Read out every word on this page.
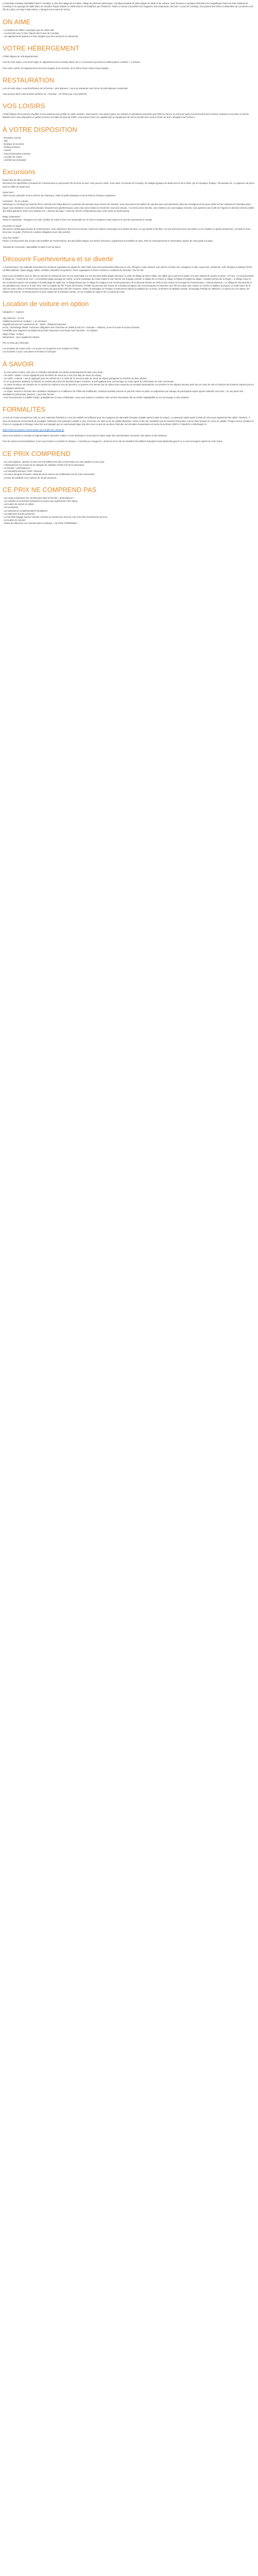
La Bruandia Corralejo Nahellebet situé à Corralejo, à 1km de la plage de la Goleta. Village de pêcheurs pittoresque, Corralejo possède de jolies plages de sable et de volcans. Vous trouverez à quelques kilomètres les magnifiques dunes du Parc National de Corralejo et un paysage de sable blanc de Grandes Playas classée en 2009 réserve de biosphère par l'UNESCO. Située en bouse à proximité des magasins, des restaurants, des bars. Le port de Corralejo, d'où partent des ferries à destination de Lanzarote et de l'île de Lobos, est situé à 800 mètres. L'aéroport est à moins de 40 km.

ON AIME
- La situation de l'hôtel, à quelques pas du centre-ville
- La proximité avec le Parc Naturel des Dunes de Corralejo
- Les appartements spacieux et bien équipés pour des vacances en autonomie
VOTRE HÉBERGEMENT

L'hôtel dispose de 109 appartements.

Lors de votre séjour, vous serez logés en appartement avec terrasse (60m²) de 2 à 4 personnes pouvant accueillir jusqu'à 2 adultes + 2 enfants.

Pour votre confort, les appartements sont tous équipés d'une terrasse, de la Wifi et d'une cuisine toute équipée.

RESTAURATION

Lors de votre séjour, vous bénéficierez de la formule « petit déjeuner » servi au restaurant sous forme de petit-déjeuner continental.

Vous pourrez dîner votre boisson préférée au « Pool Bar » de l'hôtel pour vous rafraîchir.

VOS LOISIRS

L'hôtel dispose d'une piscine chauffée et d'un solarium pour profiter du soleil canarien. Vous pourrez vous diverir grâce aux activités et animations proposées par l'hôtel ou lancer un vélo pour partir à la découverte des environs. Reposez-vous dans un des lits balinais mis à votre disposition et gardez la forme à la salle de sport de l'hôtel. Vous pouvez louer (en supplément) un équipement de surf et prendre des cours à l'école de Surf « Mosquito Surf School ».

À VOTRE DISPOSITION
- Réception 24/24h
- Wifi
- Boutique de souvenir
- Parking extérieur
- Laverie
- Point d'information tourisme
- Location de voiture
- Lit bébé (sur demande)
Excursions

Grand Tour de l'île (1 journée) :
Découvrez les spécificités et beautés de Fuerteventura en parcourant l'île du Nord au Sud. Vous pourrez visiter, entre autre, les Dunes de Corralejo, les villages typiques de Betancuria et de la Oliva, par la montagne Tindaya, Tiscamanita etc. Le déjeuner est prévu dans la vallée de Santa Inès.

Oasis Parc* :
Visite du parc animalier et de la réserve de chameaux. Visite du jardin botanique et de la réserve d'oiseaux migrateurs.

Lanzarote* : île de volcans
Embarquez à Corralejo (au Nord de l'île) en direction de Playa Blanca à Lanzarote (la traversée dure environ 30 minutes). Vous découvrirez les salines de Janubio puis vous pénétrerez dans les montagnes de feu pour visiter le Parc national de Timanfaya dans lequel vous assisterez à une démonstration d'expériences géothermiques, ainsi vous aurez visitez la renommée route des volcans. À la Gería (zone viticole), vous visiterez une cave typique. Ensuite, vous passerez par la ville de Teguise en direction d'Haría (vallée des milles palmiers). Enfin vous visiterez les « Jameos del Agua » avant de revenir à Playa Blanca pour votre retour à Fuerteventura.

Magic Catamaran* :
Sortie en catamaran : Naviguez à la voile, profitez du soleil et d'une vue imprenable sur la côte en longeant Costa Calma et le sud de la péninsule de Jandia.

Excursion en Quad* :
Découvrez l'authentique beauté de Fuerteventura. Vous explorerez des terres inconnues, d'anciens cratères volcaniques et le désert de dune. Un jour parfait à l'air libre ! Un jour préconisé pour une partie ou non cavalier un quad (conducteur), cet facile et vous sera avec un guide. (Permis de conduire obligatoire pour cette activité)

Jeep Tour Safari* :
Partez à la découverte des recoins inaccessibles de Fuerteventura, des plus belles plages, les sentes rocheuses, anguilement accessibles en jeep. Plus de renseignements et réservations auprès de votre guide sur place.

*Dessaid de l'excursion, disponibilité et tarifs à voir sur place.

Découvrir Fuerteventura et se divertir

À Fuerteventura, une multitude d'excursions et locations organisées au départ de votre hôtel vous seront présentées telles que le vélo, Plongée à voile, kitesurf, surf, pêche en haute mer, navigation à voile, Aqua Park, randonnée, Golf, Plongée et initiation (PADI certifiée) Balèses, Quad, Buggy, Safari, Activités Culturelles et Sportives, Parcs Aquatiques ou Parcs à thèmes. Locations de véhicules, Tour de l'île.

Nous vous conseillons vous en faire au marché de Saisoverd avec sa vue imprenable sur une des plus belles plages d'Europe, la visite du village de Morro Jable, son église qui lui permet le plaisir et le parc Naturel de Jandía, le phare « el Faro » et sa promenade, le village de « Puerto de la Cruz » et la sublime plage sauvage de Cofete, la zone touristique de Costa Calma et son marché sur la plage centrale, le village de La Pared, le village et Pájara et l'église du village « Nuestra Señora de la Regla », le village d'Ajuy et son monument naturel, son protégé et la belle plage de sable noir, le village Betancuria, le village du Antigua et son moulin producteur de la fameuse fermée de Gofio et son musée du Fromage de Fuerteventura « Cheese Museum », le Village de Tiscamanita et ses plantations de cactus et à Aloe Vera, enfin le capitale de l'île, Puerto del Rosario. Profitez du parcours des Dunes de Corralejo (sculpture des roues barquées et traversez vers l'île de Lobos, parc naturel ou l'ornée ne déplace qu'à pied. Le fonds marin de la côte est entre Lobos et Fuerteventura sont parmi les plus beaux des îles Canaries. Visitez, la Montagne de Tindaya, le Monument naturel du Malpaís de La Arena, la Réserve de Malpaís Grande, la Paysage Protégé de Vallebrón, Le volcan de Los Lajares, les Salines del Carmen, El Monumental et le parc Naturel de la Montaña Cardón, et Los Castillos de Vigía et de La Caleta de Fuste.

Location de voiture en option

Catégorie A - 4 places

Age minimum : 21 ans
Validité du permis de conduire : 1 an minimum
Supplément pour les conducteurs de - 25ans : 20€/jour/conducteur
Inclus : Kilométrage illimité, Assurance obligatoire avec franchise de 1500€ (Inclut vol + incendie + collision), la tva et la taxe et la taxe incluses)
Possibilité pour supprimer au départ de prendre l'assurance tout risque sans franchise : 22,70€/jour
Siège enfant : 9 €/jour
Rehausseur : avec supplément 3€/jour

Prix et rendu des véhicules :

Les locations de voiture entre 1 et 6 jours se récupèrent et se restituent à l'hôtel.
Les locations 7 jours, sont prises et rendues à l'aéroport

À SAVOIR

- Si vous partez seul(e), votre prix en chambre individuelle est calculé automatiquement dans votre devis.
- Les tarifs « bébés » seront appliqués pour les bébés de moins de 2 ans (à la date de retour du séjour).
- Les tarifs « enfants » seront appliqués pour les enfants de 2 à moins de 12 ans (à la date de retour du séjour) partageant la chambre de deux adultes.
- Si un ou plusieurs adulte(s) ou bébé(s) se rendent peut dans les lieux/les étapes ci-dessus, le tarif appliqué sera communiqué ou inclus après la confirmation de votre commande.
- La durée du séjour est calculée sur le nombre de nuitées et non de journées. Le premier et le dernier jour du séjour sont consacrés au transport international. Les arrivées ou les départs pouvant avoir lieu en cours de nuit en fonction des horaires imposés par les compagnies aériennes.
- Le séjour, suivant ce fonction des conditions climatiques ou à l'affluence de l'hôtel est insuffisante, certaines activités peuvent ne pas être mises en place ou supprimées par manque de participants requis (sports collectifs, mini-club...) et une partie des installations (restaurants, piscines...) peut être fermée.
- Pour les personnes à mobilité réduite, préalablement à toute confirmation, nous vous invitons à contacter notre service réservation afin de vérifier l'adaptabilité ou non du voyage à votre situation.

FORMALITÉS

Au sein de l'Union européenne (UE), la carte nationale d'identité en cours de validité est suffisante pour les voyageurs de nationalité française (valable après la date du retour). Le passeport valide après la date de retour peut également être utilisé. Attention : il vous est fortement recommandé de privilégier l'utilisation d'un passeport valable si vous CNI porte une date de fin de validité dépassée, même si elle est considérée par les autorités françaises comme étant toujours en cours de validité. Chaque mineur résidant en France et voyageant à l'étranger sans être accompagné par un représentant légal, doit être muni en plus de sa pièce d'identité, du formulaire d'autorisation de sortie de territoire CERFA n°15646*01 à télécharger ici :

https://www.formulaires.modernisation.gouv.fr/gf/cerfa_15646.do

Nous vous invitons à consulter la réglementation douanière relative à votre destination concernant la valeur totale des marchandises ramenées, des tabacs et des boissons.

Pour les autres recommandations, nous vous invitons à consulter la rubrique « Conseils aux voyageurs » présente sur le site du ministère des affaires étrangères www.diplomatie.gouv.fr ou à vous renseigner auprès de votre mairie.

CE PRIX COMPREND
- Les vols réguliers, opérées ou low-cost A/R (billets émis dès la réservation sur vols réguliers ou low-cost)
- L'hébergement sur la base de la catégorie de chambre choisie lors de la réservation
- La formule « petit déjeuner »
- Les transferts aéroport / hôtel / aéroport
- Les taxes aéroport et hausse carburant (sous réserve de modification lors de votre réservation)
- La taxe de solidarité et de carbone de 3€ par personne.
CE PRIX NE COMPREND PAS
- Les repas et boissons non mentionnées dans la formule « petit déjeuner »
- Les activités et excursions proposées sur place pour agrémenter votre séjour
- La location de voiture en option
- Les pourboires
- Les assurances complémentaires facultatives
- Les dépenses d'ordre personnel
- La franchise bagage (sauf si mention contraire au moment du choix du vol) et les frais éventuels de services
- La location de voitures
- Toutes les dépenses non incluses dans la rubrique « CE PRIX COMPREND »
